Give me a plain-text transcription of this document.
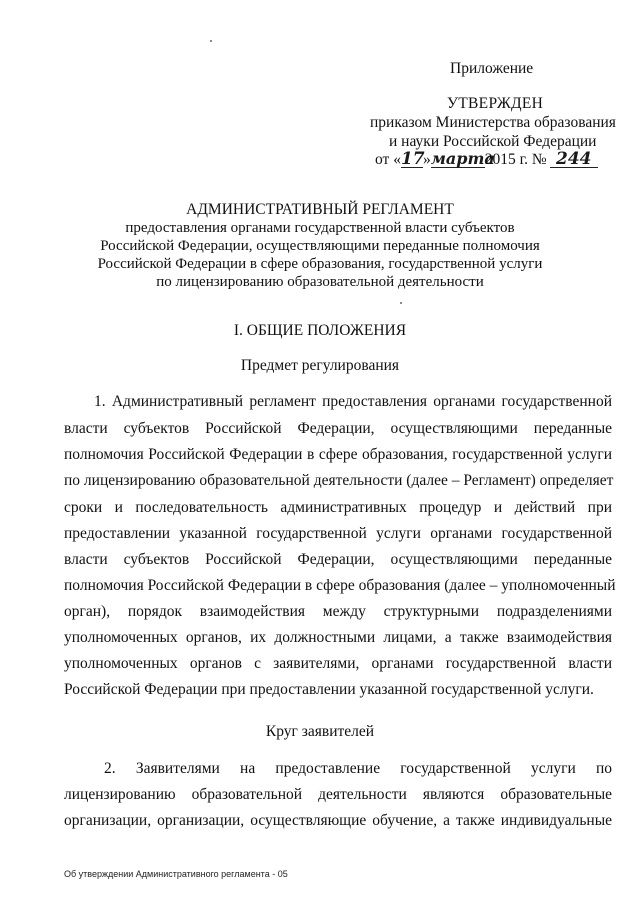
Приложение
УТВЕРЖДЕН
приказом Министерства образования
и науки Российской Федерации
от «17»марта2015 г. № 244
АДМИНИСТРАТИВНЫЙ РЕГЛАМЕНТ
предоставления органами государственной власти субъектов
Российской Федерации, осуществляющими переданные полномочия
Российской Федерации в сфере образования, государственной услуги
по лицензированию образовательной деятельности
I. ОБЩИЕ ПОЛОЖЕНИЯ
Предмет регулирования
1. Административный регламент предоставления органами государственной
власти субъектов Российской Федерации, осуществляющими переданные
полномочия Российской Федерации в сфере образования, государственной услуги
по лицензированию образовательной деятельности (далее – Регламент) определяет
сроки и последовательность административных процедур и действий при
предоставлении указанной государственной услуги органами государственной
власти субъектов Российской Федерации, осуществляющими переданные
полномочия Российской Федерации в сфере образования (далее – уполномоченный
орган), порядок взаимодействия между структурными подразделениями
уполномоченных органов, их должностными лицами, а также взаимодействия
уполномоченных органов с заявителями, органами государственной власти
Российской Федерации при предоставлении указанной государственной услуги.
Круг заявителей
2. Заявителями на предоставление государственной услуги по
лицензированию образовательной деятельности являются образовательные
организации, организации, осуществляющие обучение, а также индивидуальные
Об утверждении Административного регламента - 05
